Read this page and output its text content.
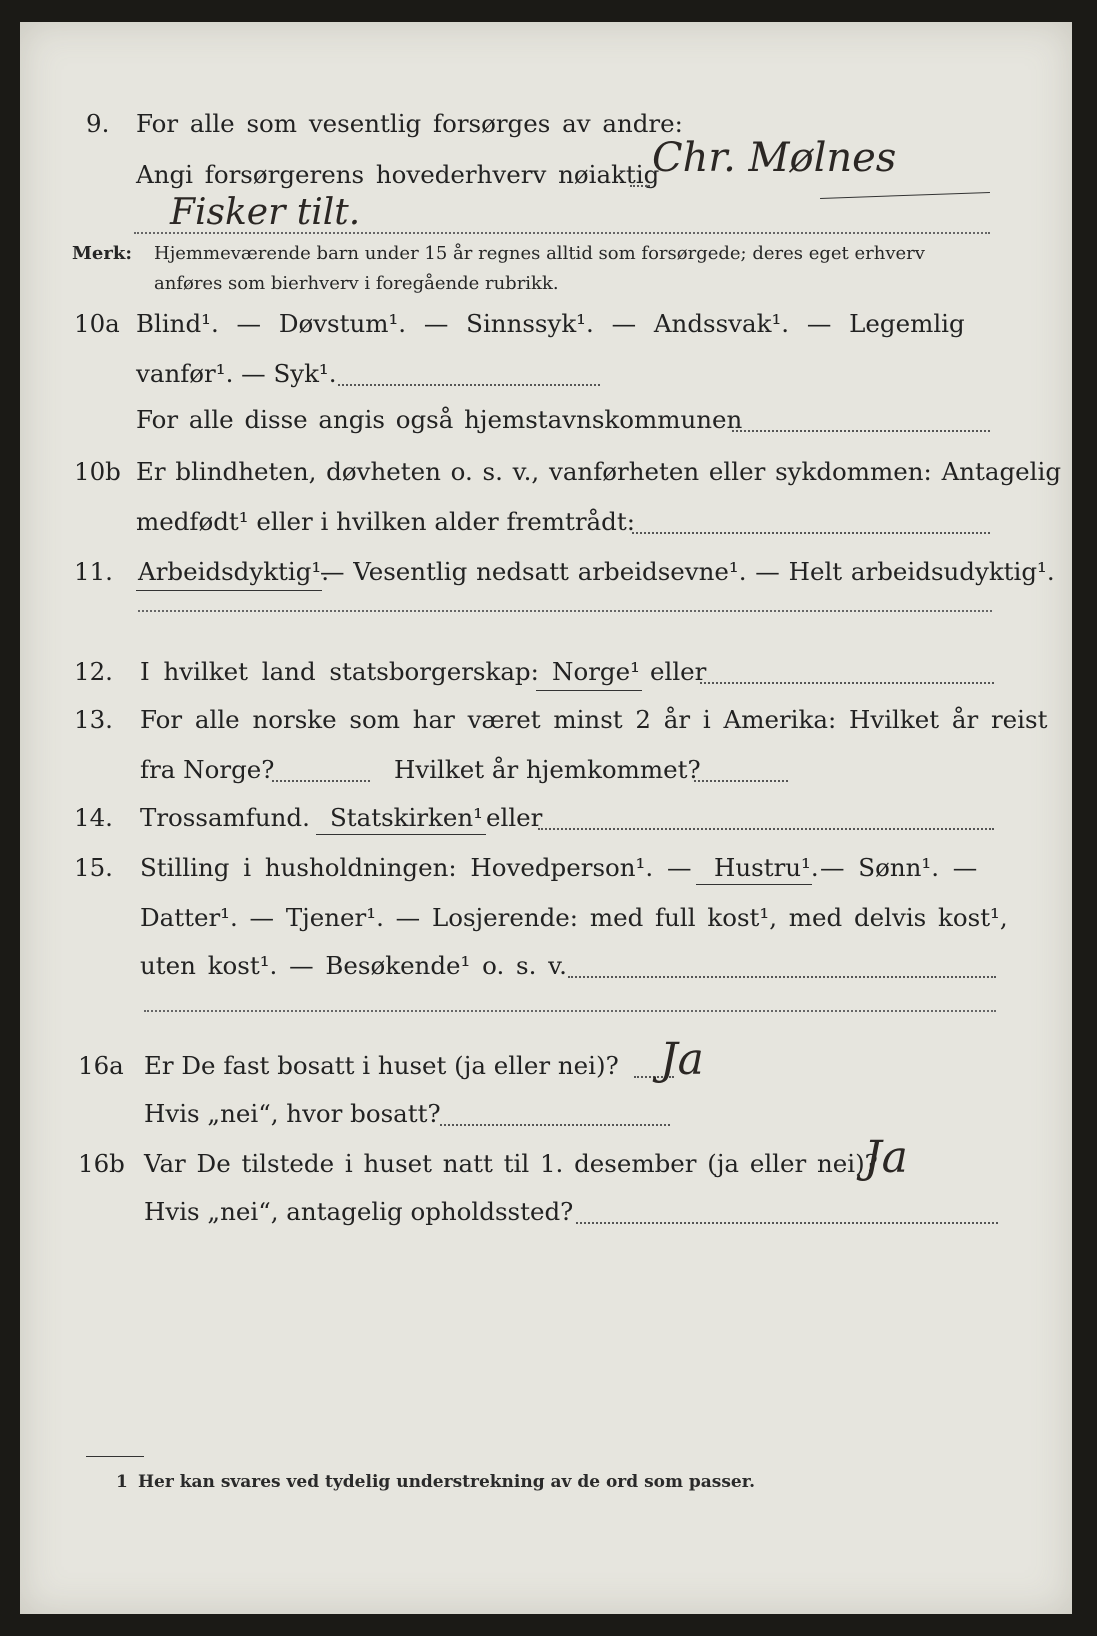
9. For alle som vesentlig forsørges av andre:
Angi forsørgerens hovederhverv nøiaktig
Chr. Mølnes
Fisker tilt.
Merk: Hjemmeværende barn under 15 år regnes alltid som forsørgede; deres eget erhverv
anføres som bierhverv i foregående rubrikk.
10a Blind¹. — Døvstum¹. — Sinnssyk¹. — Andssvak¹. — Legemlig
vanfør¹. — Syk¹.
For alle disse angis også hjemstavnskommunen
10b Er blindheten, døvheten o. s. v., vanførheten eller sykdommen: Antagelig
medfødt¹ eller i hvilken alder fremtrådt:
11. Arbeidsdyktig¹.
— Vesentlig nedsatt arbeidsevne¹. — Helt arbeidsudyktig¹.
12. I hvilket land statsborgerskap: Norge¹ eller
13. For alle norske som har været minst 2 år i Amerika: Hvilket år reist
fra Norge?	Hvilket år hjemkommet?
14. Trossamfund. Statskirken¹ eller
15. Stilling i husholdningen: Hovedperson¹. — Hustru¹. — Sønn¹. —
Datter¹. — Tjener¹. — Losjerende: med full kost¹, med delvis kost¹,
uten kost¹. — Besøkende¹ o. s. v.
16a Er De fast bosatt i huset (ja eller nei)? Ja
Hvis „nei“, hvor bosatt?
16b Var De tilstede i huset natt til 1. desember (ja eller nei)?
Ja
Hvis „nei“, antagelig opholdssted?
1 Her kan svares ved tydelig understrekning av de ord som passer.
